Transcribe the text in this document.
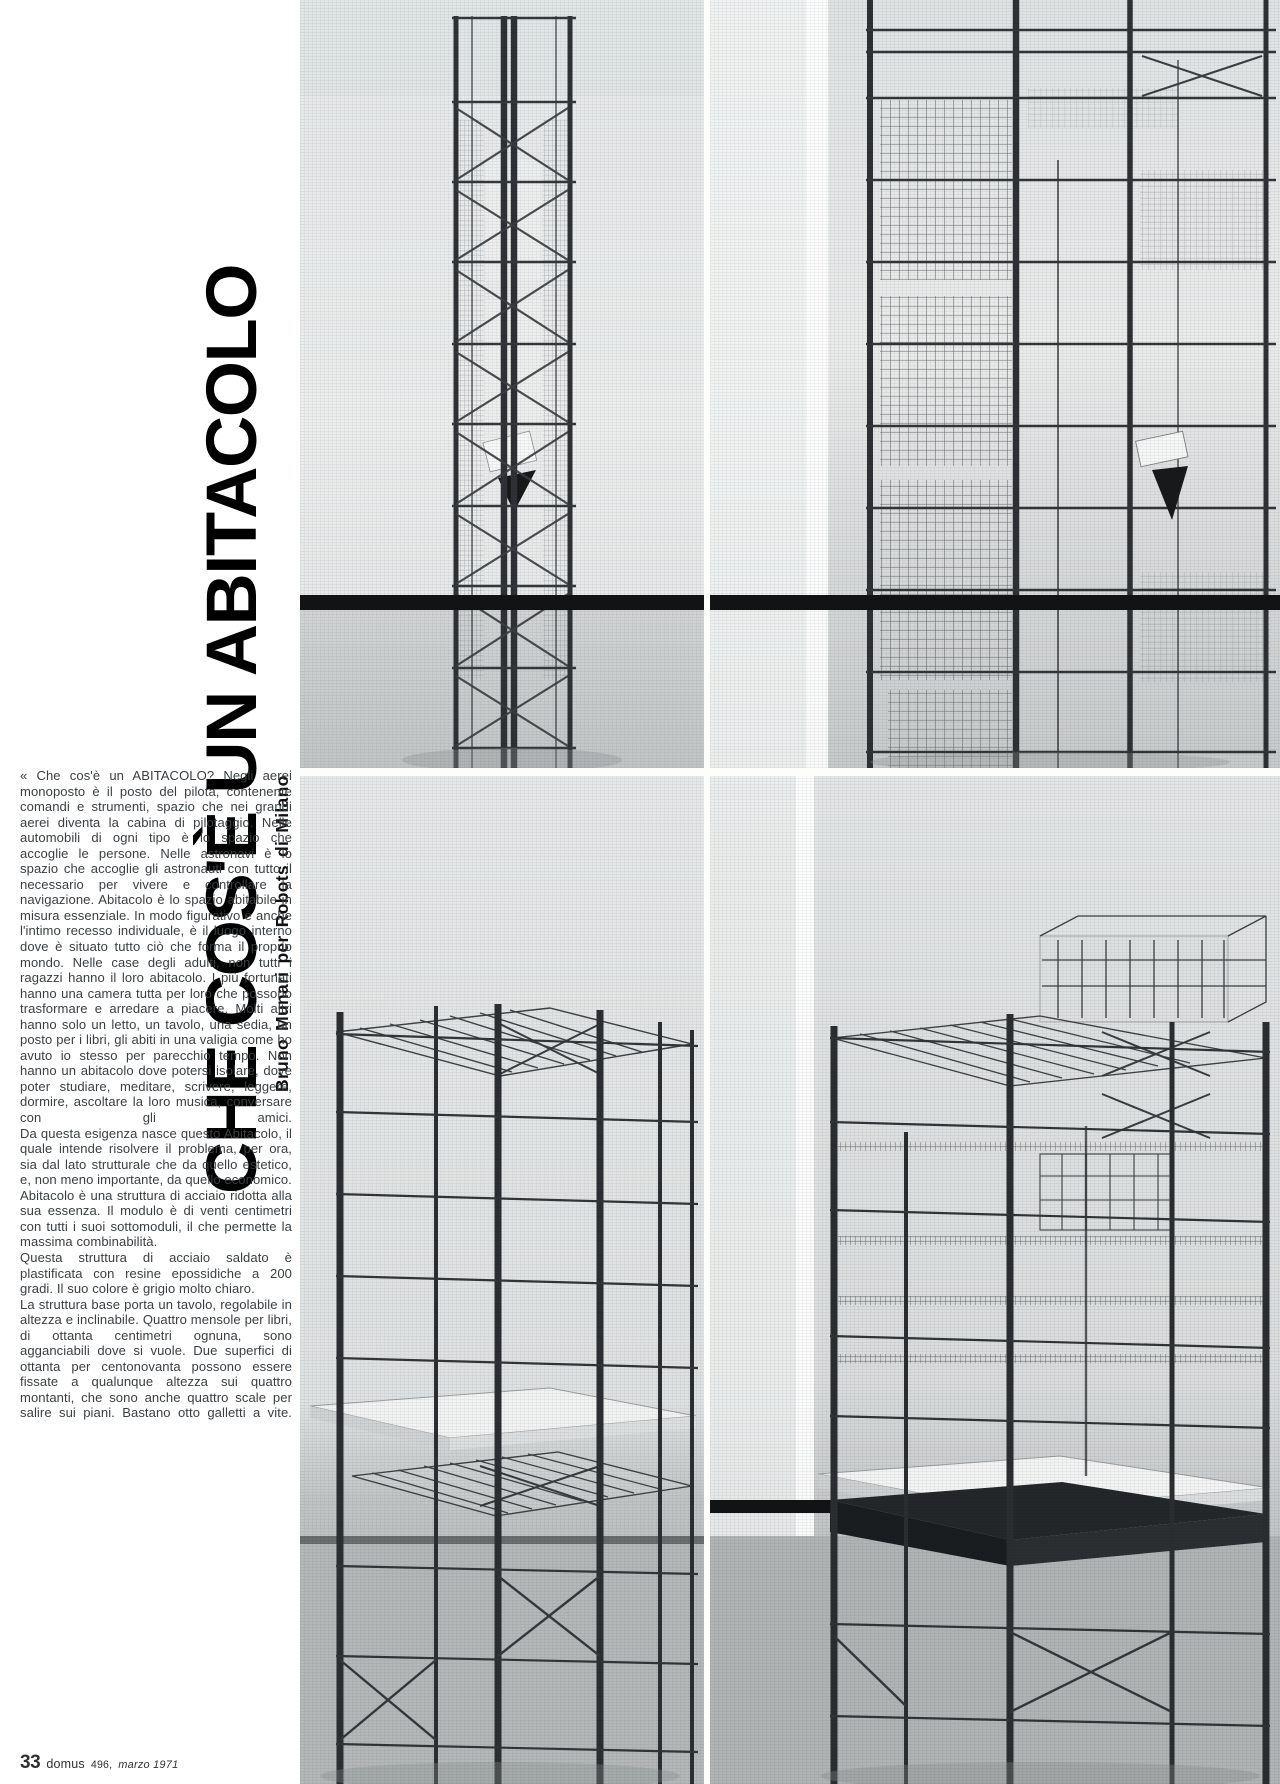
CHE COS'È UN ABITACOLO Bruno Munari per Robots di Milano

« Che cos'è un ABITACOLO? Negli aerei monoposto è il posto del pilota, contenente comandi e strumenti, spazio che nei grandi aerei diventa la cabina di pilotaggio. Nelle automobili di ogni tipo è lo spazio che accoglie le persone. Nelle astronavi è lo spazio che accoglie gli astronauti con tutto il necessario per vivere e controllare la navigazione. Abitacolo è lo spazio abitabile in misura essenziale. In modo figurativo è anche l'intimo recesso individuale, è il luogo interno dove è situato tutto ciò che forma il proprio mondo. Nelle case degli adulti, non tutti i ragazzi hanno il loro abitacolo. I più fortunati hanno una camera tutta per loro che possono trasformare e arredare a piacere. Molti altri hanno solo un letto, un tavolo, una sedia, un posto per i libri, gli abiti in una valigia come ho avuto io stesso per parecchio tempo. Non hanno un abitacolo dove potersi isolare, dove poter studiare, meditare, scrivere, leggere, dormire, ascoltare la loro musica, conversare con gli amici.

Da questa esigenza nasce questo Abitacolo, il quale intende risolvere il problema, per ora, sia dal lato strutturale che da quello estetico, e, non meno importante, da quello economico.

Abitacolo è una struttura di acciaio ridotta alla sua essenza. Il modulo è di venti centimetri con tutti i suoi sottomoduli, il che permette la massima combinabilità.

Questa struttura di acciaio saldato è plastificata con resine epossidiche a 200 gradi. Il suo colore è grigio molto chiaro.

La struttura base porta un tavolo, regolabile in altezza e inclinabile. Quattro mensole per libri, di ottanta centimetri ognuna, sono agganciabili dove si vuole. Due superfici di ottanta per centonovanta possono essere fissate a qualunque altezza sui quattro montanti, che sono anche quattro scale per salire sui piani. Bastano otto galletti a vite.

33 domus 496, marzo 1971
